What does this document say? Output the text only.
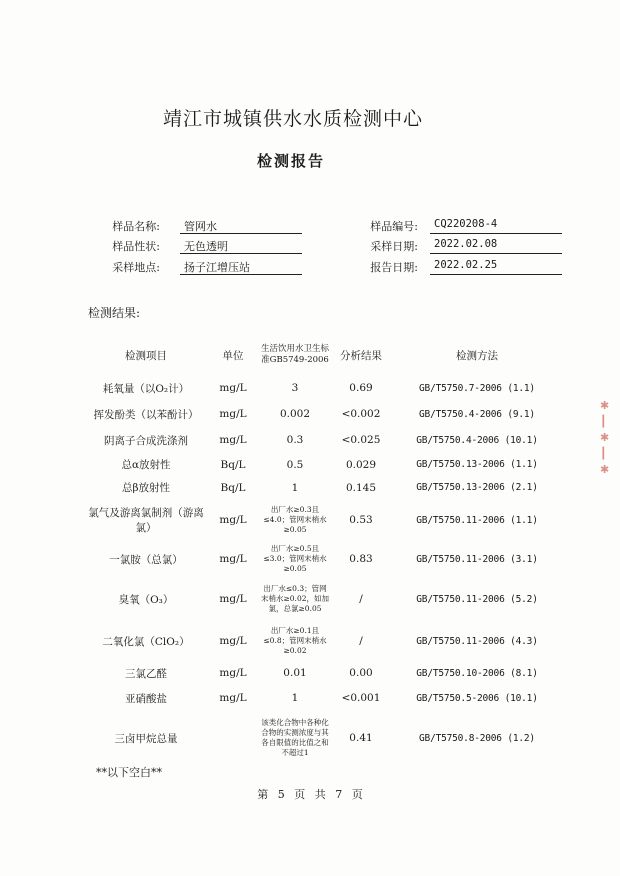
靖江市城镇供水水质检测中心
检测报告
样品名称:	管网水	样品编号:	CQ220208-4
样品性状:	无色透明	采样日期:	2022.02.08
采样地点:	扬子江增压站	报告日期:	2022.02.25
检测结果:
检测项目	单位	生活饮用水卫生标准GB5749-2006	分析结果	检测方法
耗氧量（以O₂计）	mg/L	3	0.69	GB/T5750.7-2006 (1.1)
挥发酚类（以苯酚计）	mg/L	0.002	<0.002	GB/T5750.4-2006 (9.1)
阴离子合成洗涤剂	mg/L	0.3	<0.025	GB/T5750.4-2006 (10.1)
总α放射性	Bq/L	0.5	0.029	GB/T5750.13-2006 (1.1)
总β放射性	Bq/L	1	0.145	GB/T5750.13-2006 (2.1)
氯气及游离氯制剂（游离氯）	mg/L	出厂水≥0.3且≤4.0；管网末梢水≥0.05	0.53	GB/T5750.11-2006 (1.1)
一氯胺（总氯）	mg/L	出厂水≥0.5且≤3.0；管网末梢水≥0.05	0.83	GB/T5750.11-2006 (3.1)
臭氧（O₃）	mg/L	出厂水≤0.3；管网末梢水≥0.02，如加氯，总氯≥0.05	/	GB/T5750.11-2006 (5.2)
二氧化氯（ClO₂）	mg/L	出厂水≥0.1且≤0.8；管网末梢水≥0.02	/	GB/T5750.11-2006 (4.3)
三氯乙醛	mg/L	0.01	0.00	GB/T5750.10-2006 (8.1)
亚硝酸盐	mg/L	1	<0.001	GB/T5750.5-2006 (10.1)
三卤甲烷总量		该类化合物中各种化合物的实测浓度与其各自限值的比值之和不超过1	0.41	GB/T5750.8-2006 (1.2)
**以下空白**
第 5 页 共 7 页
✱
┃
✱
┃
✱
